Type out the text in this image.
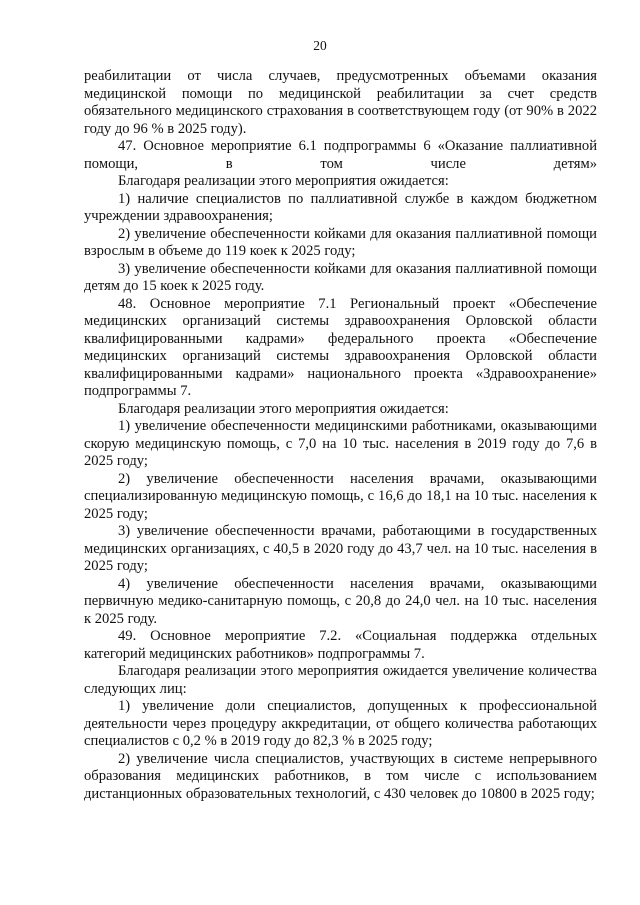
20

реабилитации от числа случаев, предусмотренных объемами оказания медицинской помощи по медицинской реабилитации за счет средств обязательного медицинского страхования в соответствующем году (от 90% в 2022 году до 96 % в 2025 году).

47. Основное мероприятие 6.1 подпрограммы 6 «Оказание паллиативной помощи, в том числе детям»

Благодаря реализации этого мероприятия ожидается:

1) наличие специалистов по паллиативной службе в каждом бюджетном учреждении здравоохранения;

2) увеличение обеспеченности койками для оказания паллиативной помощи взрослым в объеме до 119 коек к 2025 году;

3) увеличение обеспеченности койками для оказания паллиативной помощи детям до 15 коек к 2025 году.

48. Основное мероприятие 7.1 Региональный проект «Обеспечение медицинских организаций системы здравоохранения Орловской области квалифицированными кадрами» федерального проекта «Обеспечение медицинских организаций системы здравоохранения Орловской области квалифицированными кадрами» национального проекта «Здравоохранение» подпрограммы 7.

Благодаря реализации этого мероприятия ожидается:

1) увеличение обеспеченности медицинскими работниками, оказывающими скорую медицинскую помощь, с 7,0 на 10 тыс. населения в 2019 году до 7,6 в 2025 году;

2) увеличение обеспеченности населения врачами, оказывающими специализированную медицинскую помощь, с 16,6 до 18,1 на 10 тыс. населения к 2025 году;

3) увеличение обеспеченности врачами, работающими в государственных медицинских организациях, с 40,5 в 2020 году до 43,7 чел. на 10 тыс. населения в 2025 году;

4) увеличение обеспеченности населения врачами, оказывающими первичную медико-санитарную помощь, с 20,8 до 24,0 чел. на 10 тыс. населения к 2025 году.

49. Основное мероприятие 7.2. «Социальная поддержка отдельных категорий медицинских работников» подпрограммы 7.

Благодаря реализации этого мероприятия ожидается увеличение количества следующих лиц:

1) увеличение доли специалистов, допущенных к профессиональной деятельности через процедуру аккредитации, от общего количества работающих специалистов с 0,2 % в 2019 году до 82,3 % в 2025 году;

2) увеличение числа специалистов, участвующих в системе непрерывного образования медицинских работников, в том числе с использованием дистанционных образовательных технологий, с 430 человек до 10800 в 2025 году;
